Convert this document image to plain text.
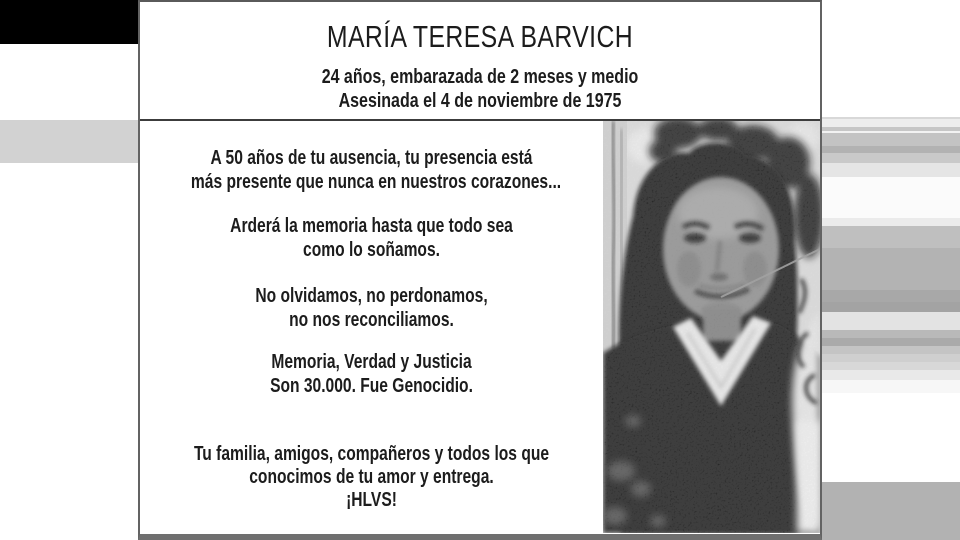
MARÍA TERESA BARVICH

24 años, embarazada de 2 meses y medio

Asesinada el 4 de noviembre de 1975

A 50 años de tu ausencia, tu presencia está
más presente que nunca en nuestros corazones...

Arderá la memoria hasta que todo sea
como lo soñamos.

No olvidamos, no perdonamos,
no nos reconciliamos.

Memoria, Verdad y Justicia
Son 30.000. Fue Genocidio.

Tu familia, amigos, compañeros y todos los que
conocimos de tu amor y entrega.
¡HLVS!
